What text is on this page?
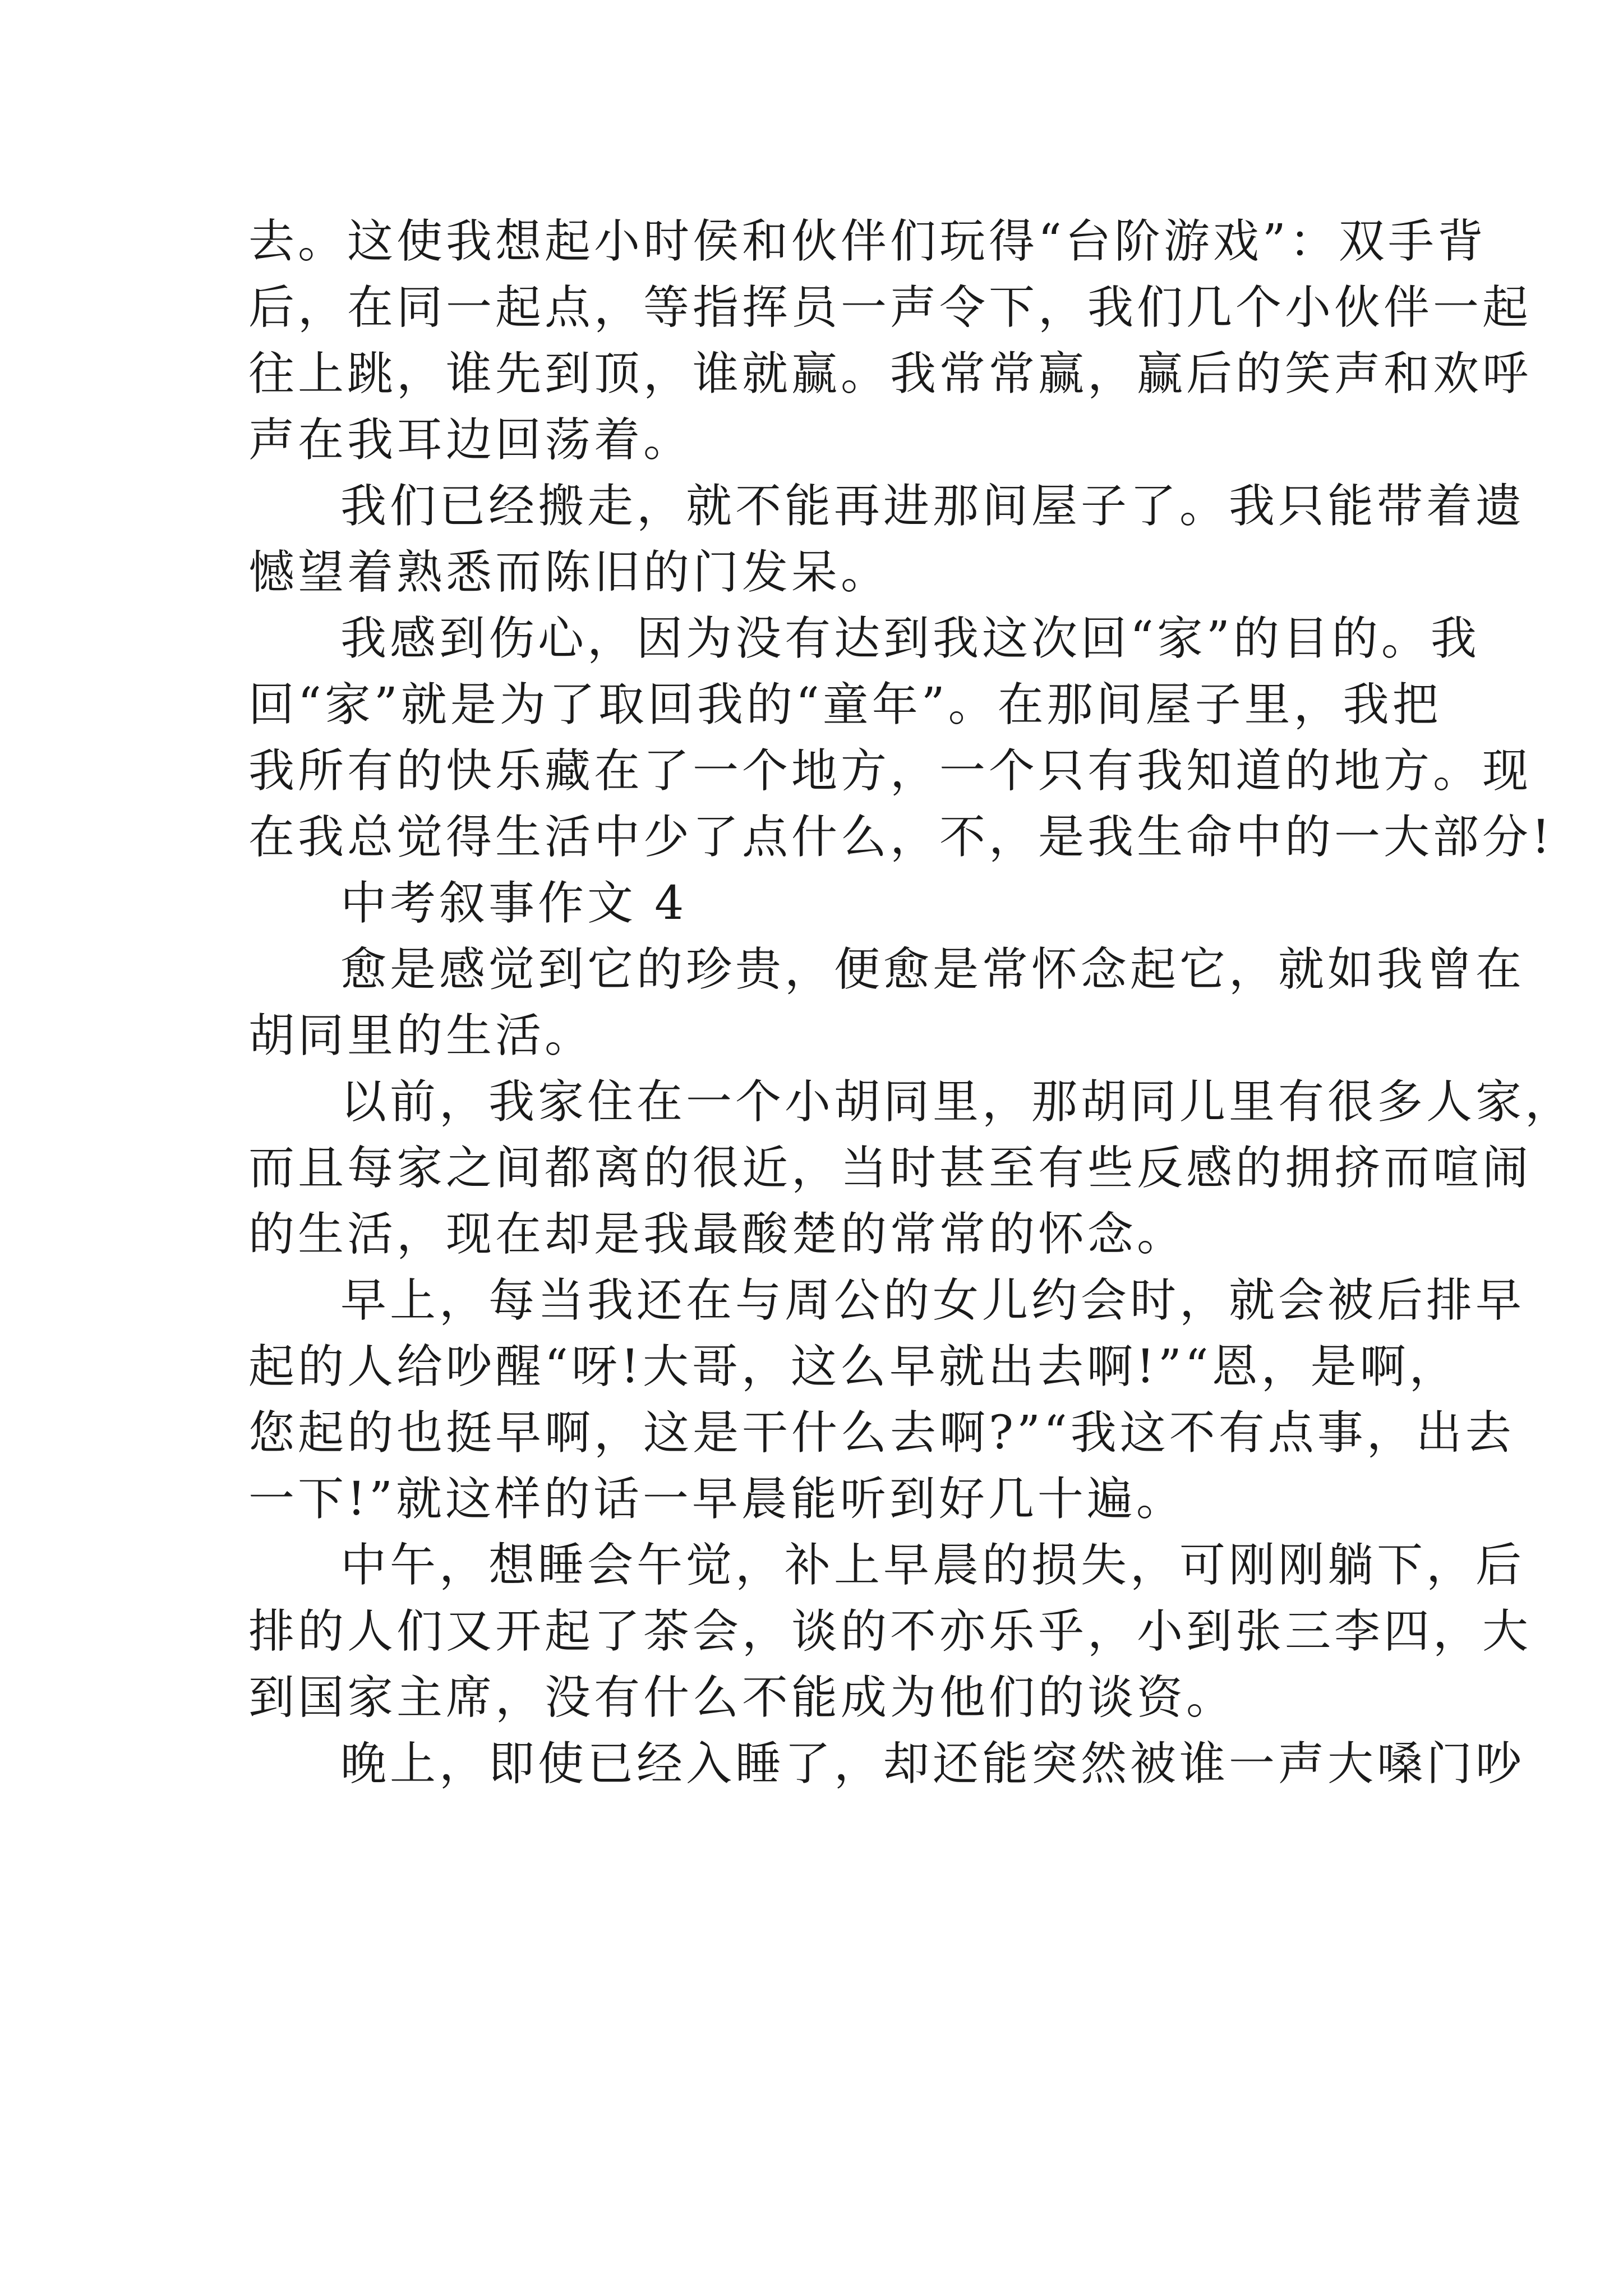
去。这使我想起小时侯和伙伴们玩得“台阶游戏”：双手背
后，在同一起点，等指挥员一声令下，我们几个小伙伴一起
往上跳，谁先到顶，谁就赢。我常常赢，赢后的笑声和欢呼
声在我耳边回荡着。
我们已经搬走，就不能再进那间屋子了。我只能带着遗
憾望着熟悉而陈旧的门发呆。
我感到伤心，因为没有达到我这次回“家”的目的。我
回“家”就是为了取回我的“童年”。在那间屋子里，我把
我所有的快乐藏在了一个地方，一个只有我知道的地方。现
在我总觉得生活中少了点什么，不，是我生命中的一大部分!
中考叙事作文 4
愈是感觉到它的珍贵，便愈是常怀念起它，就如我曾在
胡同里的生活。
以前，我家住在一个小胡同里，那胡同儿里有很多人家，
而且每家之间都离的很近，当时甚至有些反感的拥挤而喧闹
的生活，现在却是我最酸楚的常常的怀念。
早上，每当我还在与周公的女儿约会时，就会被后排早
起的人给吵醒“呀!大哥，这么早就出去啊!”“恩，是啊，
您起的也挺早啊，这是干什么去啊?”“我这不有点事，出去
一下!”就这样的话一早晨能听到好几十遍。
中午，想睡会午觉，补上早晨的损失，可刚刚躺下，后
排的人们又开起了茶会，谈的不亦乐乎，小到张三李四，大
到国家主席，没有什么不能成为他们的谈资。
晚上，即使已经入睡了，却还能突然被谁一声大嗓门吵
